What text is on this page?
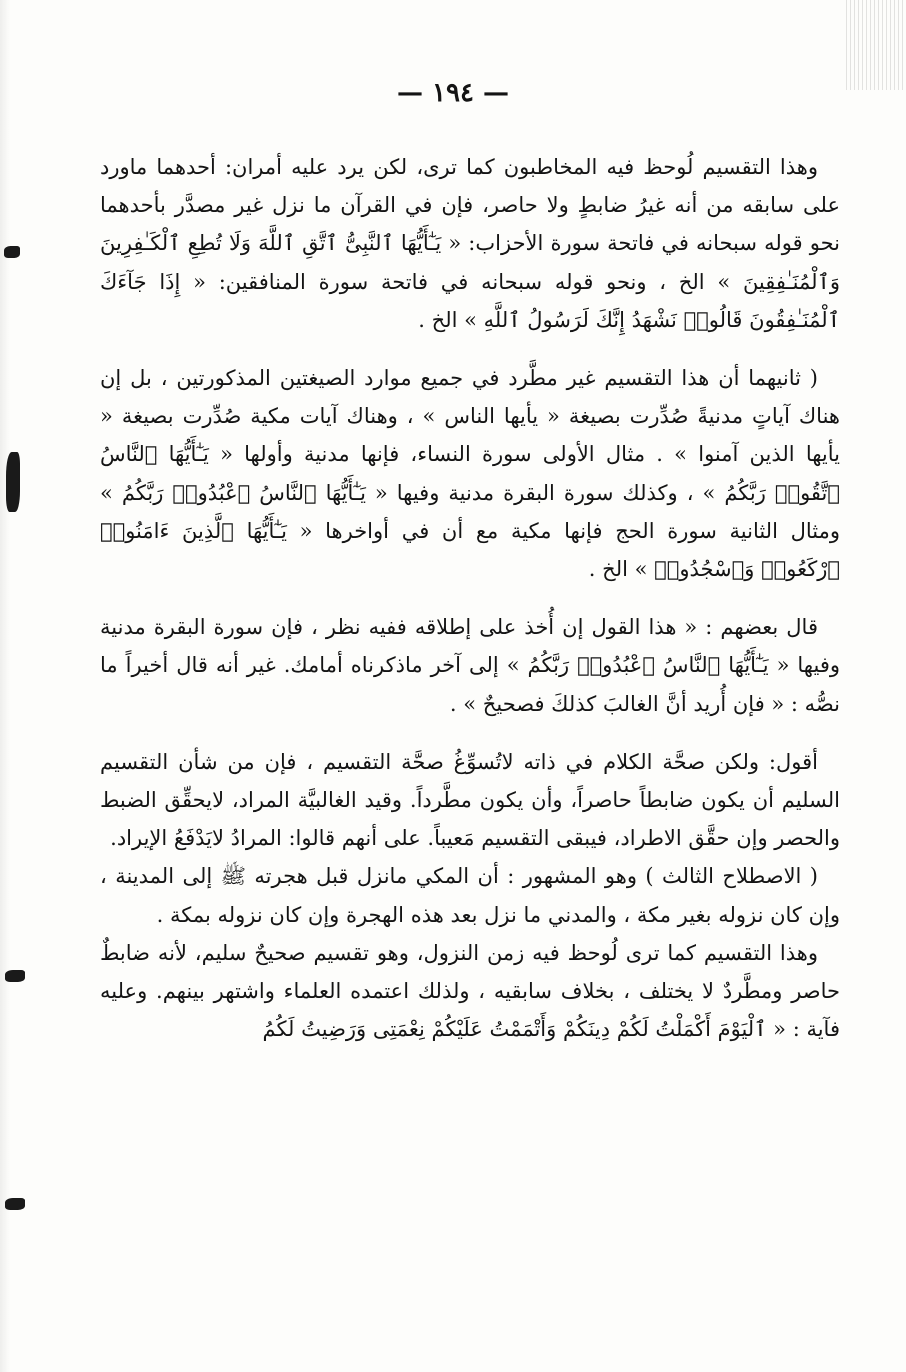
— ١٩٤ —

وهذا التقسيم لُوحظ فيه المخاطبون كما ترى، لكن يرد عليه أمران: أحدهما ماورد على سابقه من أنه غيرُ ضابطٍ ولا حاصر، فإن في القرآن ما نزل غير مصدَّر بأحدهما نحو قوله سبحانه في فاتحة سورة الأحزاب: « يَـٰٓأَيُّهَا ٱلنَّبِىُّ ٱتَّقِ ٱللَّهَ وَلَا تُطِعِ ٱلْكَـٰفِرِينَ وَٱلْمُنَـٰفِقِينَ » الخ ، ونحو قوله سبحانه في فاتحة سورة المنافقين: « إِذَا جَآءَكَ ٱلْمُنَـٰفِقُونَ قَالُوا۟ نَشْهَدُ إِنَّكَ لَرَسُولُ ٱللَّهِ » الخ .

( ثانيهما أن هذا التقسيم غير مطَّرد في جميع موارد الصيغتين المذكورتين ، بل إن هناك آياتٍ مدنيةً صُدِّرت بصيغة « يأيها الناس » ، وهناك آيات مكية صُدِّرت بصيغة « يأيها الذين آمنوا » . مثال الأولى سورة النساء، فإنها مدنية وأولها « يَـٰٓأَيُّهَا ٱلنَّاسُ ٱتَّقُوا۟ رَبَّكُمُ » ، وكذلك سورة البقرة مدنية وفيها « يَـٰٓأَيُّهَا ٱلنَّاسُ ٱعْبُدُوا۟ رَبَّكُمُ » ومثال الثانية سورة الحج فإنها مكية مع أن في أواخرها « يَـٰٓأَيُّهَا ٱلَّذِينَ ءَامَنُوا۟ ٱرْكَعُوا۟ وَٱسْجُدُوا۟ » الخ .

قال بعضهم : « هذا القول إن أُخذ على إطلاقه ففيه نظر ، فإن سورة البقرة مدنية وفيها « يَـٰٓأَيُّهَا ٱلنَّاسُ ٱعْبُدُوا۟ رَبَّكُمُ » إلى آخر ماذكرناه أمامك. غير أنه قال أخيراً ما نصُّه : « فإن أُريد أنَّ الغالبَ كذلكَ فصحيحٌ » .

أقول: ولكن صحَّة الكلام في ذاته لاتُسوِّغُ صحَّة التقسيم ، فإن من شأن التقسيم السليم أن يكون ضابطاً حاصراً، وأن يكون مطَّرداً. وقيد الغالبيَّة المراد، لايحقِّق الضبط والحصر وإن حقَّق الاطراد، فيبقى التقسيم مَعيباً. على أنهم قالوا: المرادُ لايَدْفَعُ الإيراد.

( الاصطلاح الثالث ) وهو المشهور : أن المكي مانزل قبل هجرته ﷺ إلى المدينة ، وإن كان نزوله بغير مكة ، والمدني ما نزل بعد هذه الهجرة وإن كان نزوله بمكة .

وهذا التقسيم كما ترى لُوحظ فيه زمن النزول، وهو تقسيم صحيحٌ سليم، لأنه ضابطٌ حاصر ومطَّردٌ لا يختلف ، بخلاف سابقيه ، ولذلك اعتمده العلماء واشتهر بينهم. وعليه فآية : « ٱلْيَوْمَ أَكْمَلْتُ لَكُمْ دِينَكُمْ وَأَتْمَمْتُ عَلَيْكُمْ نِعْمَتِى وَرَضِيتُ لَكُمُ
